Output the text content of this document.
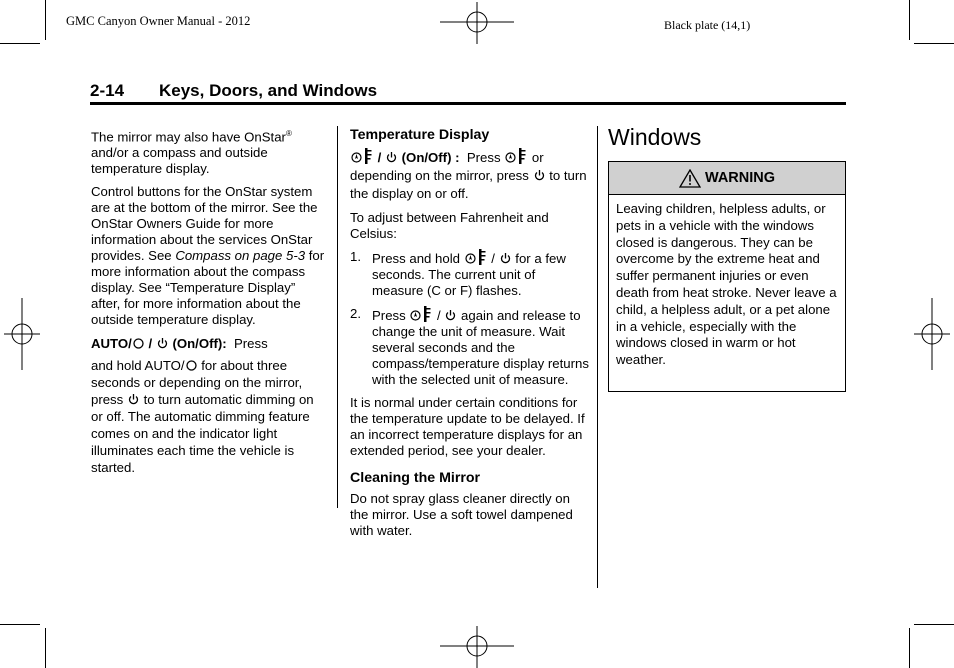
GMC Canyon Owner Manual - 2012	Black plate (14,1)
2-14 Keys, Doors, and Windows

The mirror may also have OnStar® and/or a compass and outside temperature display.

Control buttons for the OnStar system are at the bottom of the mirror. See the OnStar Owners Guide for more information about the services OnStar provides. See Compass on page 5-3 for more information about the compass display. See “Temperature Display” after, for more information about the outside temperature display.

AUTO/ /  (On/Off): Press
and hold AUTO/ for about three seconds or depending on the mirror, press  to turn automatic dimming on or off. The automatic dimming feature comes on and the indicator light illuminates each time the vehicle is started.

Temperature Display

/  (On/Off) : Press or
depending on the mirror, press  to turn the display on or off.

To adjust between Fahrenheit and Celsius:

1. Press and hold  /  for a few seconds. The current unit of measure (C or F) flashes.
2. Press  /  again and release to change the unit of measure. Wait several seconds and the compass/temperature display returns with the selected unit of measure.

It is normal under certain conditions for the temperature update to be delayed. If an incorrect temperature displays for an extended period, see your dealer.

Cleaning the Mirror

Do not spray glass cleaner directly on the mirror. Use a soft towel dampened with water.

Windows
WARNING
Leaving children, helpless adults, or pets in a vehicle with the windows closed is dangerous. They can be overcome by the extreme heat and suffer permanent injuries or even death from heat stroke. Never leave a child, a helpless adult, or a pet alone in a vehicle, especially with the windows closed in warm or hot weather.
